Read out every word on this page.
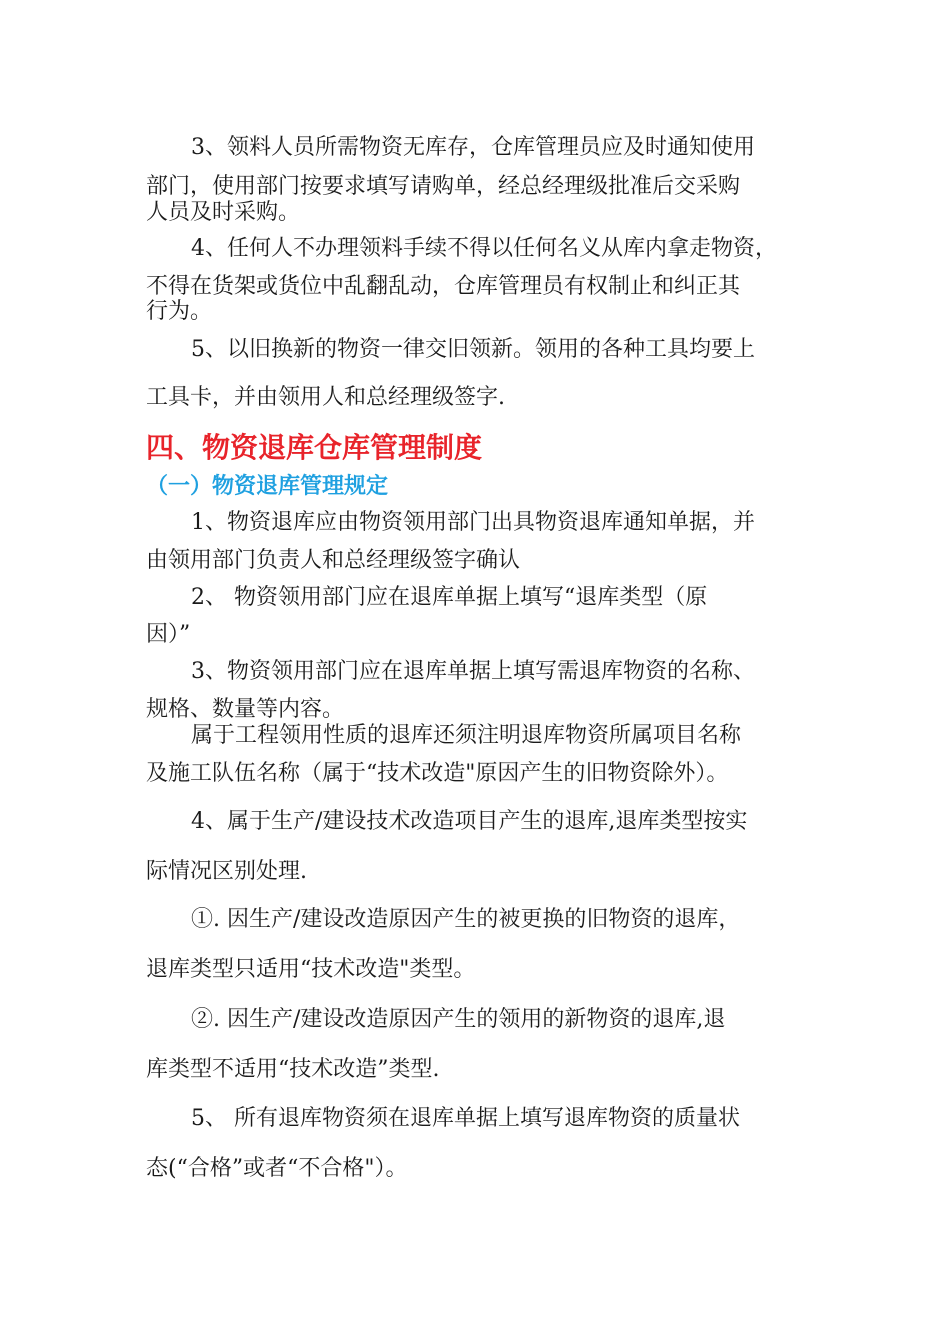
3、领料人员所需物资无库存，仓库管理员应及时通知使用
部门，使用部门按要求填写请购单，经总经理级批准后交采购
人员及时采购。
4、任何人不办理领料手续不得以任何名义从库内拿走物资，
不得在货架或货位中乱翻乱动，仓库管理员有权制止和纠正其
行为。
5、以旧换新的物资一律交旧领新。领用的各种工具均要上
工具卡，并由领用人和总经理级签字.
四、物资退库仓库管理制度
（一）物资退库管理规定
1、物资退库应由物资领用部门出具物资退库通知单据，并
由领用部门负责人和总经理级签字确认
2、 物资领用部门应在退库单据上填写“退库类型（原
因）”
3、物资领用部门应在退库单据上填写需退库物资的名称、
规格、数量等内容。
属于工程领用性质的退库还须注明退库物资所属项目名称
及施工队伍名称（属于“技术改造"原因产生的旧物资除外）。
4、属于生产/建设技术改造项目产生的退库,退库类型按实
际情况区别处理.
①. 因生产/建设改造原因产生的被更换的旧物资的退库，
退库类型只适用“技术改造"类型。
②. 因生产/建设改造原因产生的领用的新物资的退库,退
库类型不适用“技术改造”类型.
5、 所有退库物资须在退库单据上填写退库物资的质量状
态(“合格”或者“不合格"）。
